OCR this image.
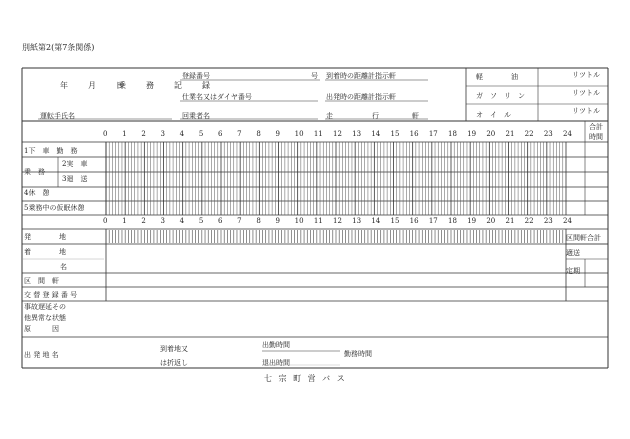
別紙第2(第7条関係)
年　月　日
乗　務　記　録
登録番号	号 到着時の距離計指示軒
仕業名又はダイヤ番号	出発時の距離計指示軒
運転手氏名	回乗者名	走	行	軒
軽　　　　油	リツトル
ガ　ソ　リ　ン	リツトル
オ　イ　ル	リツトル
合計
時間
1下　車　勤　務
乗　務
2実　車
3廻　送
4休　憩
5乗務中の仮眠休憩
発　　　　地
着　　　　地
名
区　間　軒
交 替 登 録 番 号
区間軒合計
適送
定期
事故遅延その
他異常な状態
原　　　因
出 発 地 名
到着地又
は折返し
出勤時間
退出時間
勤務時間
七 宗 町 営 バ ス
0 1 2 3 4 5 6 7 8 9 10 11 12 13 14 15 16 17 18 19 20 21 22 23 24
0 1 2 3 4 5 6 7 8 9 10 11 12 13 14 15 16 17 18 19 20 21 22 23 24
